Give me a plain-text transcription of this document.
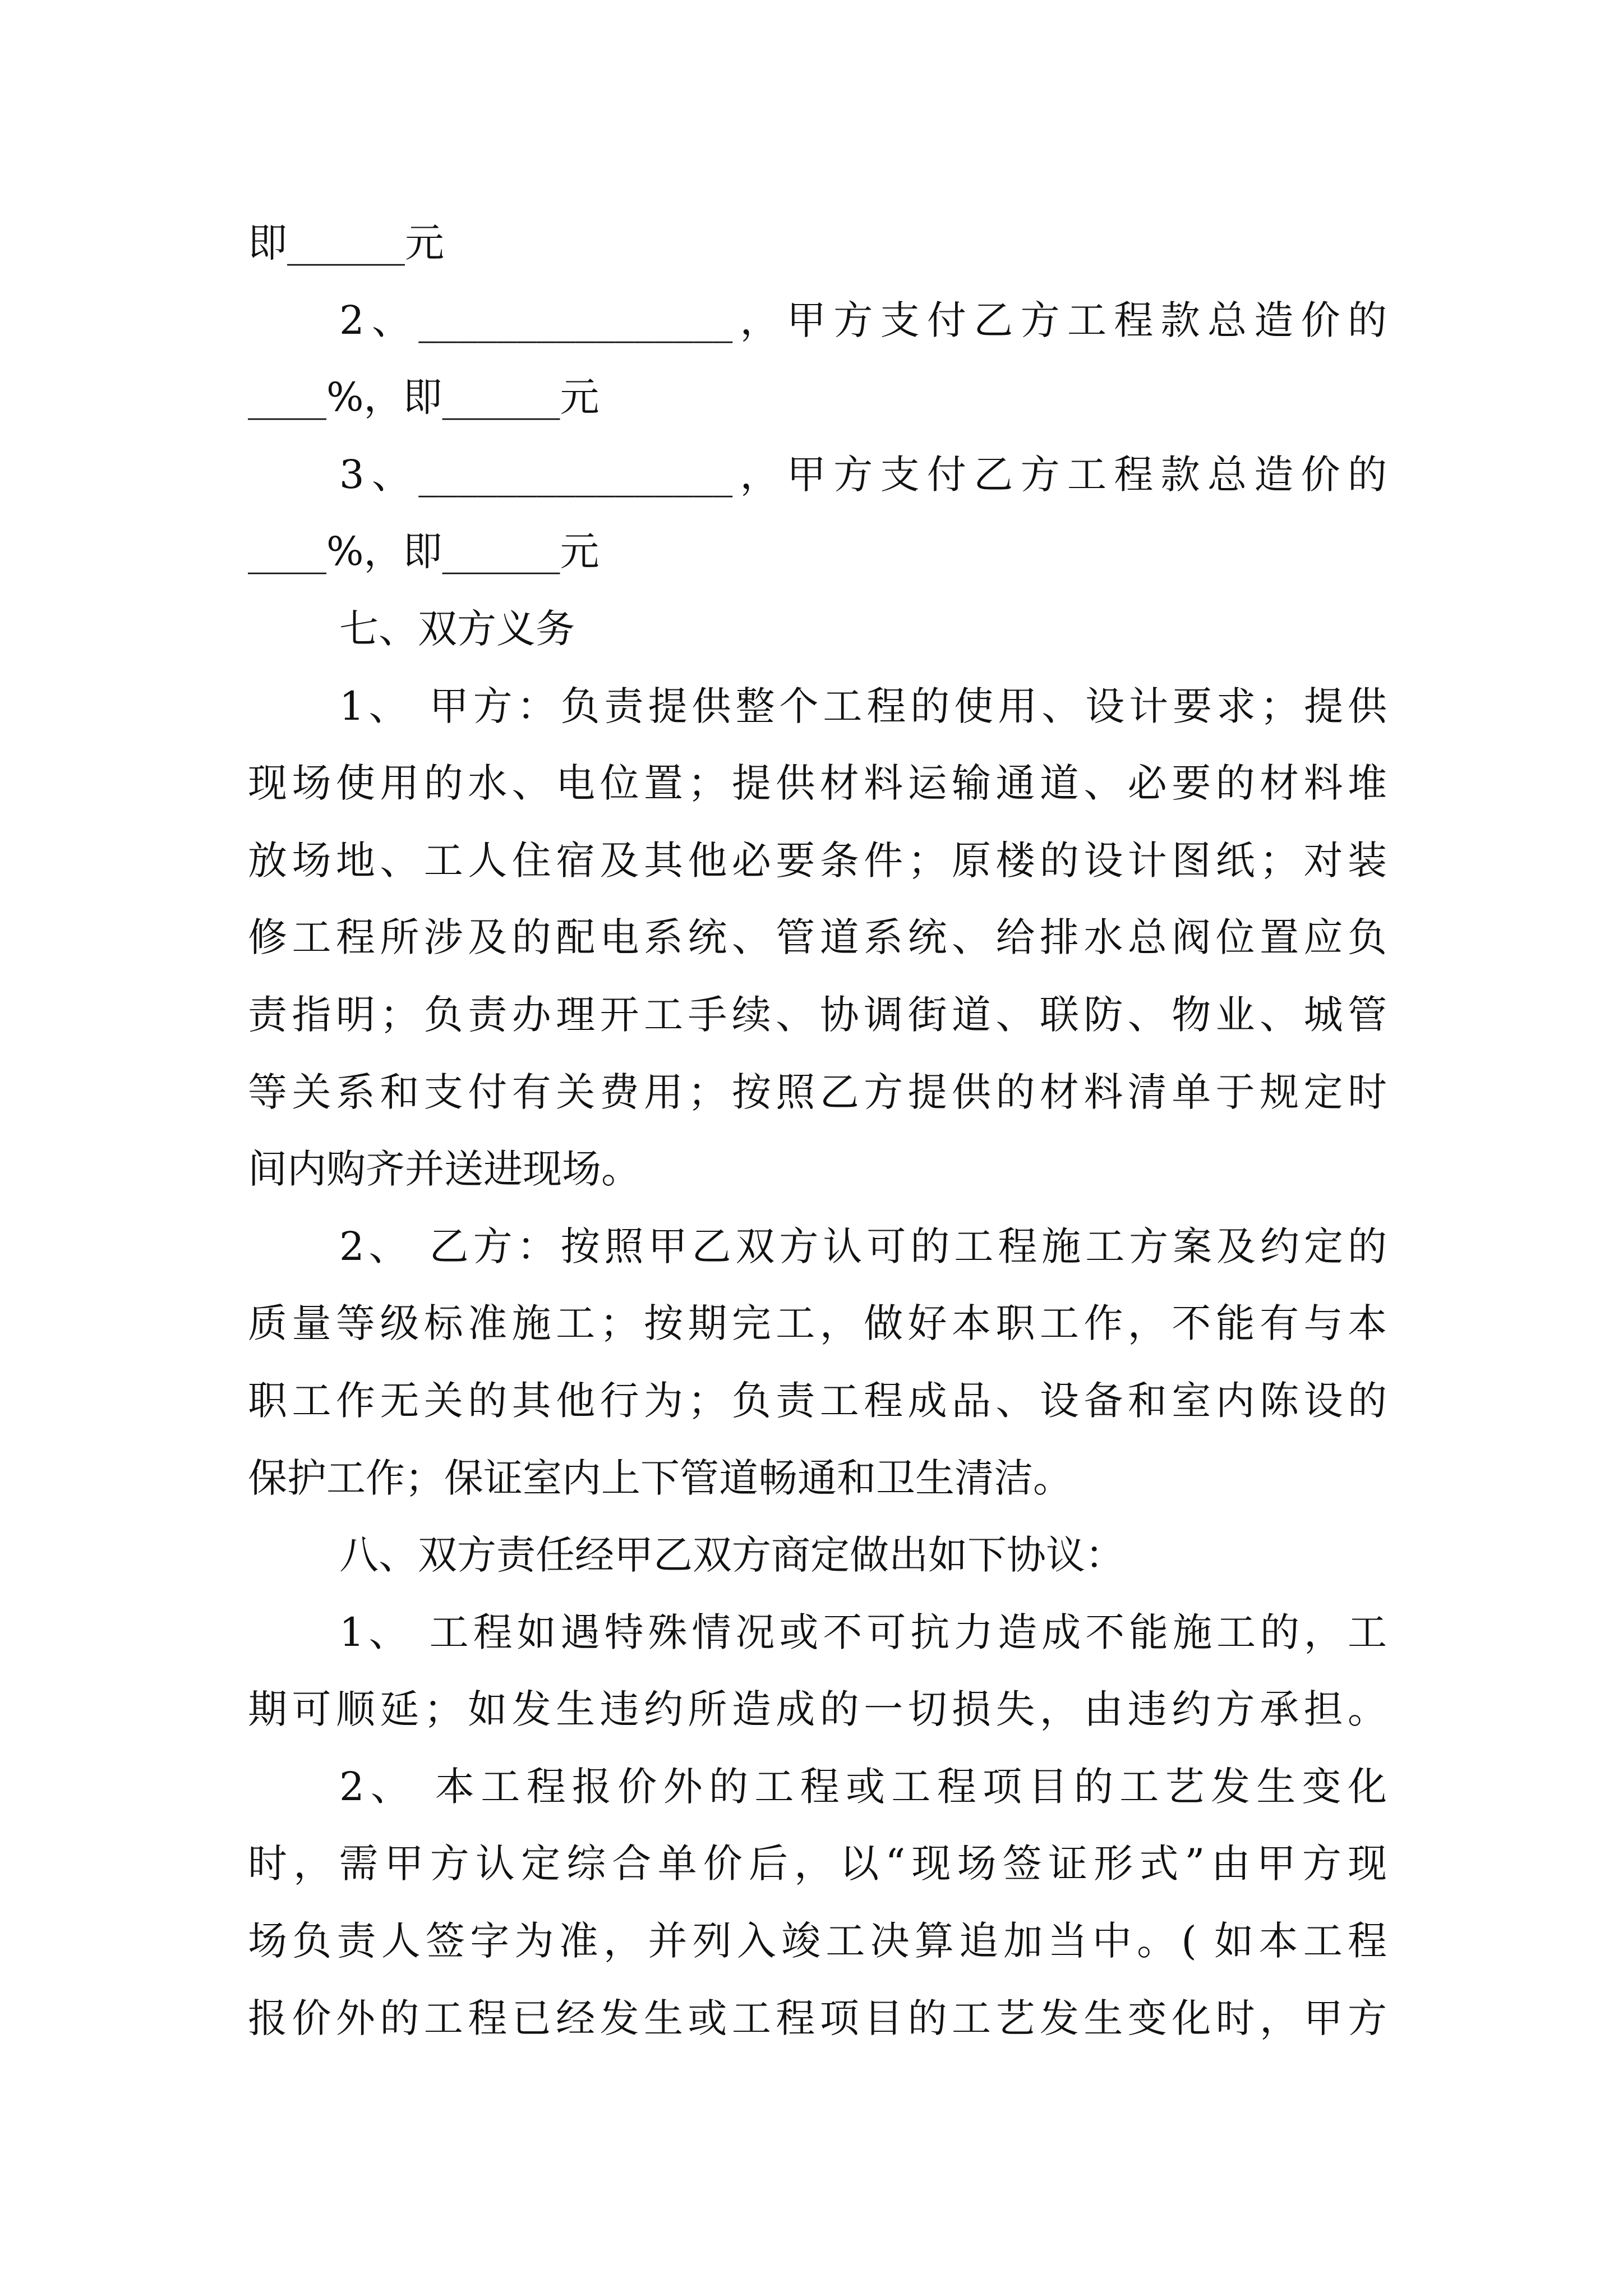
即______元
2、________________，甲方支付乙方工程款总造价的
____%，即______元
3、________________，甲方支付乙方工程款总造价的
____%，即______元
七、双方义务
1、 甲方：负责提供整个工程的使用、设计要求；提供
现场使用的水、电位置；提供材料运输通道、必要的材料堆
放场地、工人住宿及其他必要条件；原楼的设计图纸；对装
修工程所涉及的配电系统、管道系统、给排水总阀位置应负
责指明；负责办理开工手续、协调街道、联防、物业、城管
等关系和支付有关费用；按照乙方提供的材料清单于规定时
间内购齐并送进现场。
2、 乙方：按照甲乙双方认可的工程施工方案及约定的
质量等级标准施工；按期完工，做好本职工作，不能有与本
职工作无关的其他行为；负责工程成品、设备和室内陈设的
保护工作；保证室内上下管道畅通和卫生清洁。
八、双方责任经甲乙双方商定做出如下协议：
1、 工程如遇特殊情况或不可抗力造成不能施工的，工
期可顺延；如发生违约所造成的一切损失，由违约方承担。
2、 本工程报价外的工程或工程项目的工艺发生变化
时，需甲方认定综合单价后，以“现场签证形式”由甲方现
场负责人签字为准，并列入竣工决算追加当中。( 如本工程
报价外的工程已经发生或工程项目的工艺发生变化时，甲方
